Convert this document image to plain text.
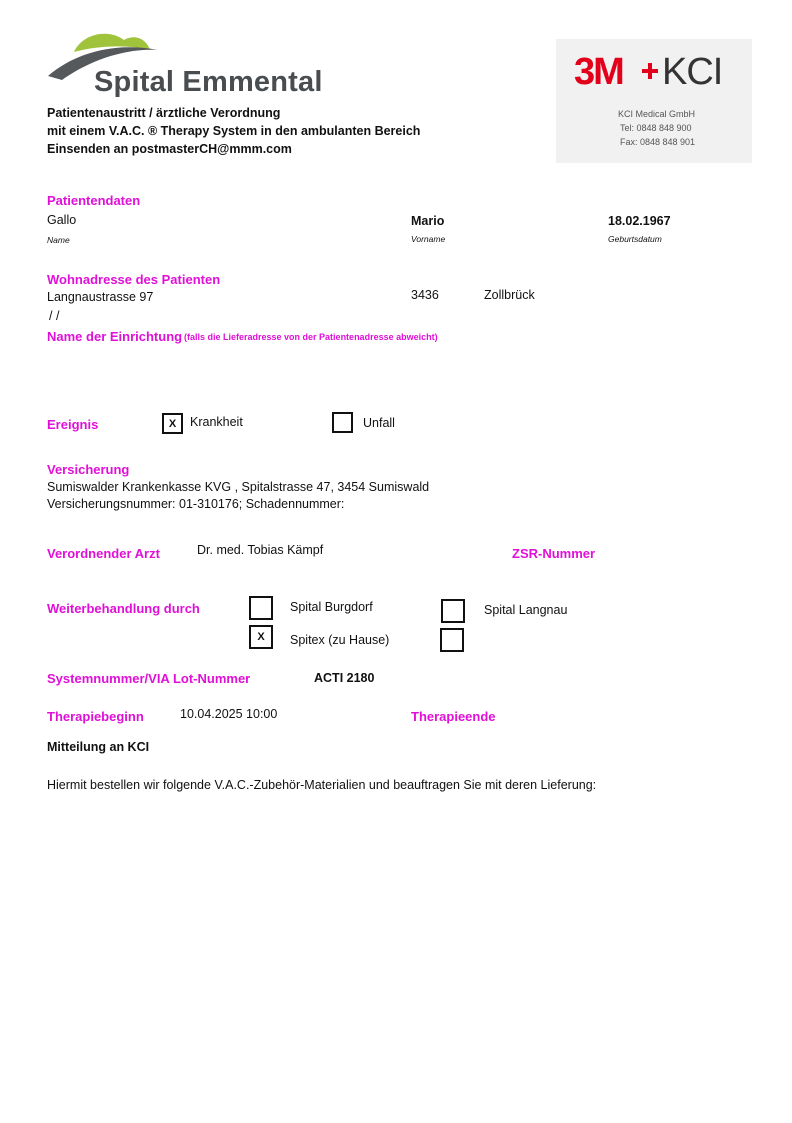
Spital Emmental	3M KCI
KCI Medical GmbH
Tel: 0848 848 900
Fax: 0848 848 901
Patientenaustritt / ärztliche Verordnung
mit einem V.A.C. ® Therapy System in den ambulanten Bereich
Einsenden an postmasterCH@mmm.com
Patientendaten
Gallo	Mario	18.02.1967
Name	Vorname	Geburtsdatum
Wohnadresse des Patienten
Langnaustrasse 97	3436	Zollbrück
/ /
Name der Einrichtung (falls die Lieferadresse von der Patientenadresse abweicht)
Ereignis	X	Krankheit	Unfall
Versicherung
Sumiswalder Krankenkasse KVG , Spitalstrasse 47, 3454 Sumiswald
Versicherungsnummer: 01-310176; Schadennummer:
Verordnender Arzt	Dr. med. Tobias Kämpf	ZSR-Nummer
Weiterbehandlung durch	Spital Burgdorf	Spital Langnau
X	Spitex (zu Hause)
Systemnummer/VIA Lot-Nummer	ACTI 2180
Therapiebeginn	10.04.2025 10:00	Therapieende
Mitteilung an KCI
Hiermit bestellen wir folgende V.A.C.-Zubehör-Materialien und beauftragen Sie mit deren Lieferung:
